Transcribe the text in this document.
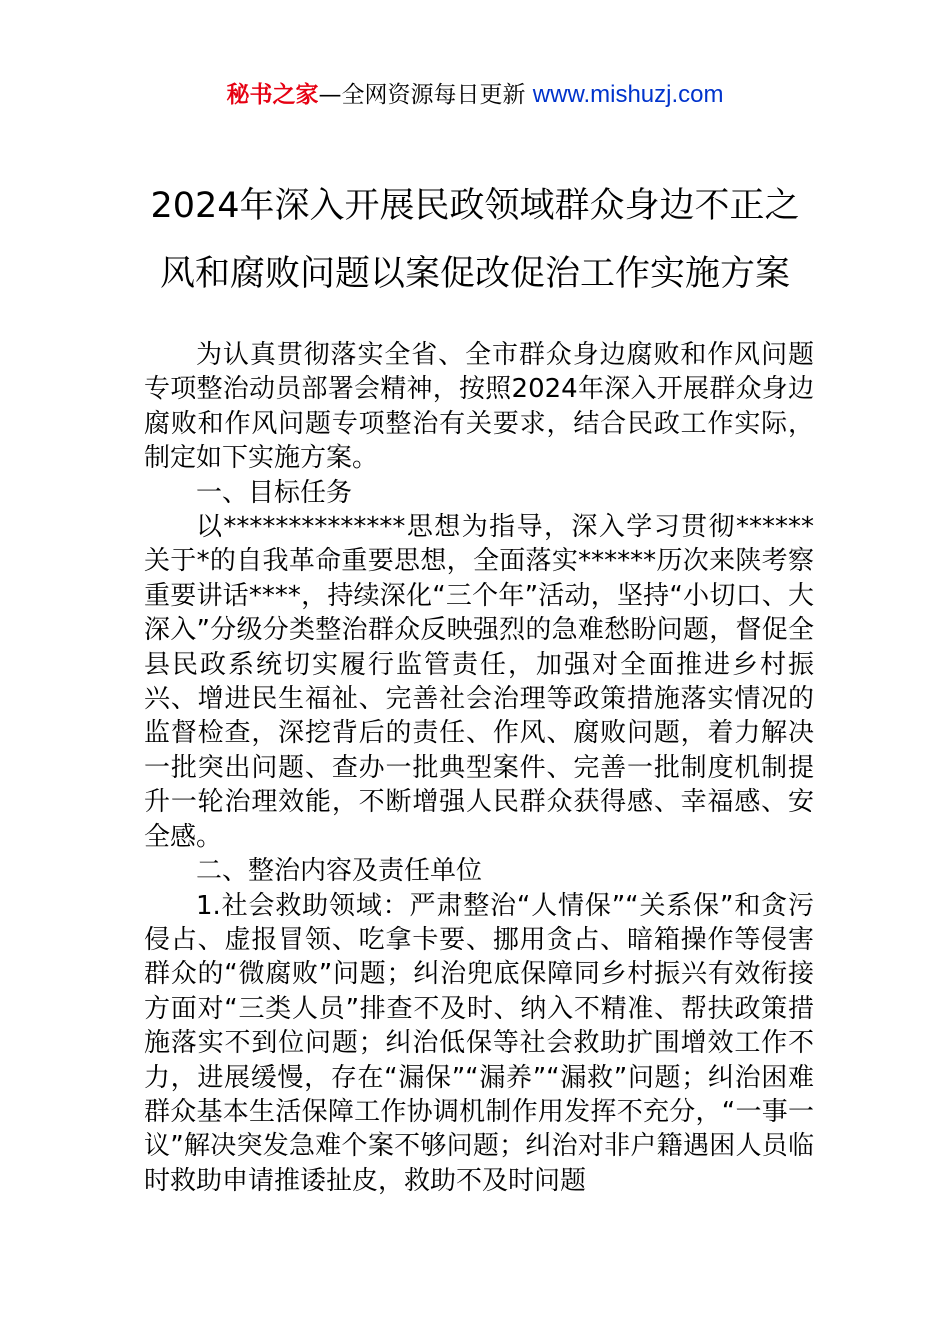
秘书之家—全网资源每日更新 www.mishuzj.com
2024年深入开展民政领域群众身边不正之
风和腐败问题以案促改促治工作实施方案

为认真贯彻落实全省、全市群众身边腐败和作风问题专项整治动员部署会精神，按照2024年深入开展群众身边腐败和作风问题专项整治有关要求，结合民政工作实际，制定如下实施方案。

一、目标任务

以**************思想为指导，深入学习贯彻******关于*的自我革命重要思想，全面落实******历次来陕考察重要讲话****，持续深化“三个年”活动，坚持“小切口、大深入”分级分类整治群众反映强烈的急难愁盼问题，督促全县民政系统切实履行监管责任，加强对全面推进乡村振兴、增进民生福祉、完善社会治理等政策措施落实情况的监督检查，深挖背后的责任、作风、腐败问题，着力解决一批突出问题、查办一批典型案件、完善一批制度机制提升一轮治理效能，不断增强人民群众获得感、幸福感、安全感。

二、整治内容及责任单位

1.社会救助领域：严肃整治“人情保”“关系保”和贪污侵占、虚报冒领、吃拿卡要、挪用贪占、暗箱操作等侵害群众的“微腐败”问题；纠治兜底保障同乡村振兴有效衔接方面对“三类人员”排查不及时、纳入不精准、帮扶政策措施落实不到位问题；纠治低保等社会救助扩围增效工作不力，进展缓慢，存在“漏保”“漏养”“漏救”问题；纠治困难群众基本生活保障工作协调机制作用发挥不充分，“一事一议”解决突发急难个案不够问题；纠治对非户籍遇困人员临时救助申请推诿扯皮，救助不及时问题
